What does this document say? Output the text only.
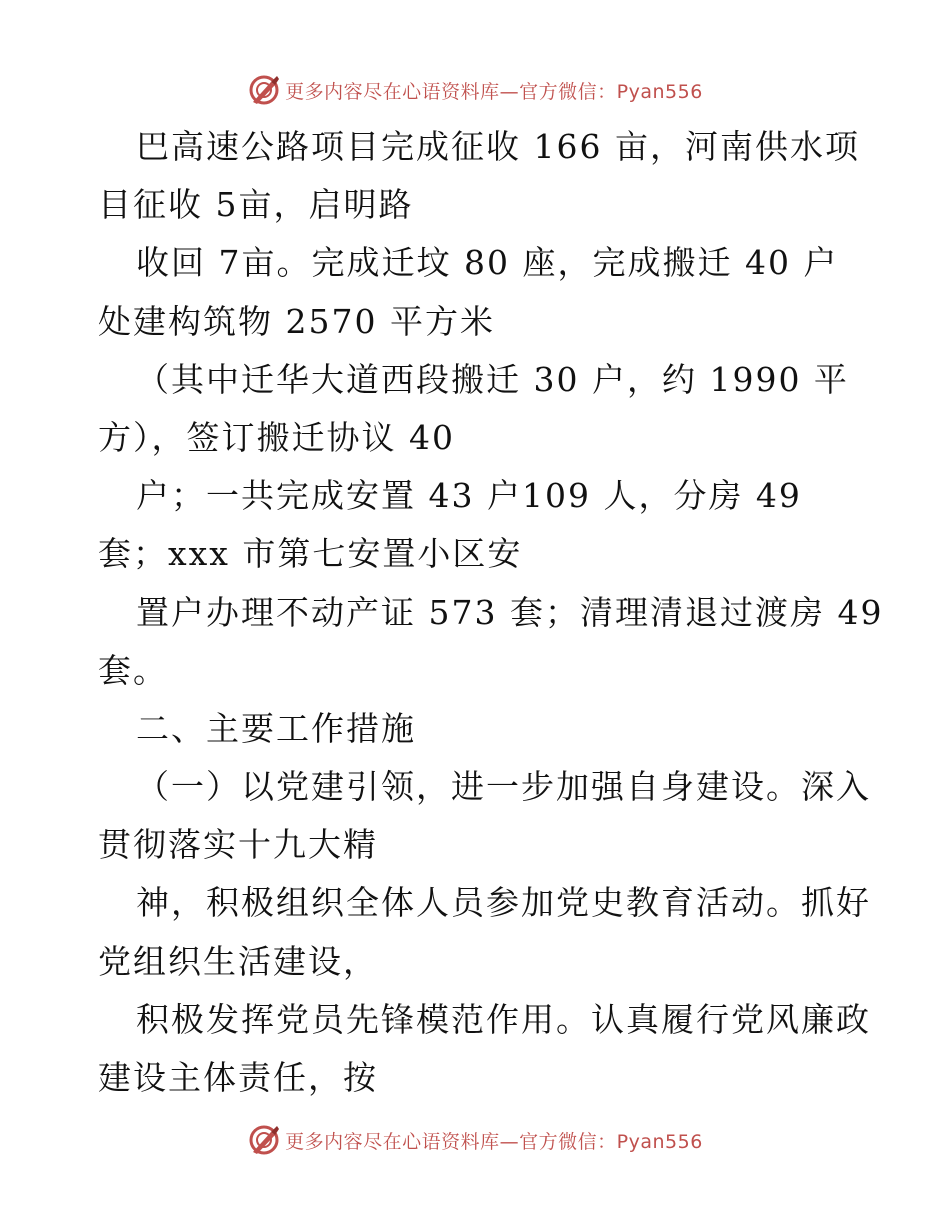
更多内容尽在心语资料库—官方微信：Pyan556
巴高速公路项目完成征收 166 亩，河南供水项
目征收 5亩，启明路
收回 7亩。完成迁坟 80 座，完成搬迁 40 户
处建构筑物 2570 平方米
（其中迁华大道西段搬迁 30 户，约 1990 平
方），签订搬迁协议 40
户；一共完成安置 43 户109 人，分房 49
套；xxx 市第七安置小区安
置户办理不动产证 573 套；清理清退过渡房 49
套。
二、主要工作措施
（一）以党建引领，进一步加强自身建设。深入
贯彻落实十九大精
神，积极组织全体人员参加党史教育活动。抓好
党组织生活建设，
积极发挥党员先锋模范作用。认真履行党风廉政
建设主体责任，按
更多内容尽在心语资料库—官方微信：Pyan556
